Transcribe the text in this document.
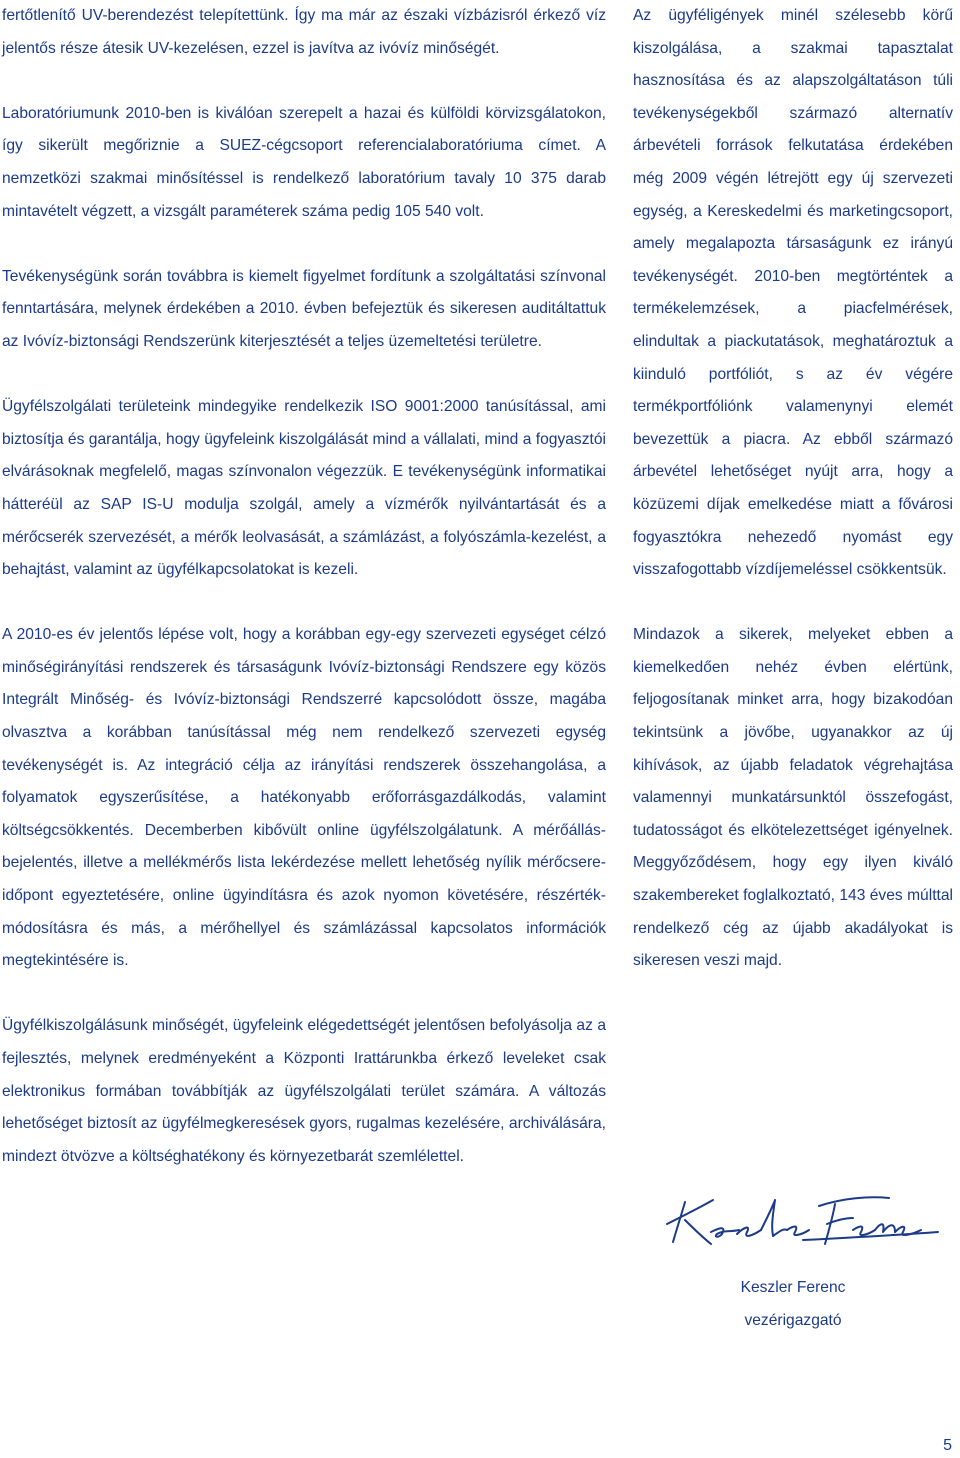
fertőtlenítő UV-berendezést telepítettünk. Így ma már az északi vízbázisról érkező víz jelentős része átesik UV-kezelésen, ezzel is javítva az ivóvíz minőségét.

Laboratóriumunk 2010-ben is kiválóan szerepelt a hazai és külföldi körvizsgálatokon, így sikerült megőriznie a SUEZ-cégcsoport referencialaboratóriuma címet. A nemzetközi szakmai minősítéssel is rendelkező laboratórium tavaly 10 375 darab mintavételt végzett, a vizsgált paraméterek száma pedig 105 540 volt.

Tevékenységünk során továbbra is kiemelt figyelmet fordítunk a szolgáltatási színvonal fenntartására, melynek érdekében a 2010. évben befejeztük és sikeresen auditáltattuk az Ivóvíz-biztonsági Rendszerünk kiterjesztését a teljes üzemeltetési területre.

Ügyfélszolgálati területeink mindegyike rendelkezik ISO 9001:2000 tanúsítással, ami biztosítja és garantálja, hogy ügyfeleink kiszolgálását mind a vállalati, mind a fogyasztói elvárásoknak megfelelő, magas színvonalon végezzük. E tevékenységünk informatikai hátteréül az SAP IS-U modulja szolgál, amely a vízmérők nyilvántartását és a mérőcserék szervezését, a mérők leolvasását, a számlázást, a folyószámla-kezelést, a behajtást, valamint az ügyfélkapcsolatokat is kezeli.

A 2010-es év jelentős lépése volt, hogy a korábban egy-egy szervezeti egységet célzó minőségirányítási rendszerek és társaságunk Ivóvíz-biztonsági Rendszere egy közös Integrált Minőség- és Ivóvíz-biztonsági Rendszerré kapcsolódott össze, magába olvasztva a korábban tanúsítással még nem rendelkező szervezeti egység tevékenységét is. Az integráció célja az irányítási rendszerek összehangolása, a folyamatok egyszerűsítése, a hatékonyabb erőforrásgazdálkodás, valamint költségcsökkentés. Decemberben kibővült online ügyfélszolgálatunk. A mérőállás-bejelentés, illetve a mellékmérős lista lekérdezése mellett lehetőség nyílik mérőcsere-időpont egyeztetésére, online ügyindításra és azok nyomon követésére, részérték-módosításra és más, a mérőhellyel és számlázással kapcsolatos információk megtekintésére is.

Ügyfélkiszolgálásunk minőségét, ügyfeleink elégedettségét jelentősen befolyásolja az a fejlesztés, melynek eredményeként a Központi Irattárunkba érkező leveleket csak elektronikus formában továbbítják az ügyfélszolgálati terület számára. A változás lehetőséget biztosít az ügyfélmegkeresések gyors, rugalmas kezelésére, archiválására, mindezt ötvözve a költséghatékony és környezetbarát szemlélettel.

Az ügyféligények minél szélesebb körű kiszolgálása, a szakmai tapasztalat hasznosítása és az alapszolgáltatáson túli tevékenységekből származó alternatív árbevételi források felkutatása érdekében még 2009 végén létrejött egy új szervezeti egység, a Kereskedelmi és marketingcsoport, amely megalapozta társaságunk ez irányú tevékenységét. 2010-ben megtörténtek a termékelemzések, a piacfelmérések, elindultak a piackutatások, meghatároztuk a kiinduló portfóliót, s az év végére termékportfóliónk valamenynyi elemét bevezettük a piacra. Az ebből származó árbevétel lehetőséget nyújt arra, hogy a közüzemi díjak emelkedése miatt a fővárosi fogyasztókra nehezedő nyomást egy visszafogottabb vízdíjemeléssel csökkentsük.

Mindazok a sikerek, melyeket ebben a kiemelkedően nehéz évben elértünk, feljogosítanak minket arra, hogy bizakodóan tekintsünk a jövőbe, ugyanakkor az új kihívások, az újabb feladatok végrehajtása valamennyi munkatársunktól összefogást, tudatosságot és elkötelezettséget igényelnek. Meggyőződésem, hogy egy ilyen kiváló szakembereket foglalkoztató, 143 éves múlttal rendelkező cég az újabb akadályokat is sikeresen veszi majd.

Keszler Ferenc

vezérigazgató

5
